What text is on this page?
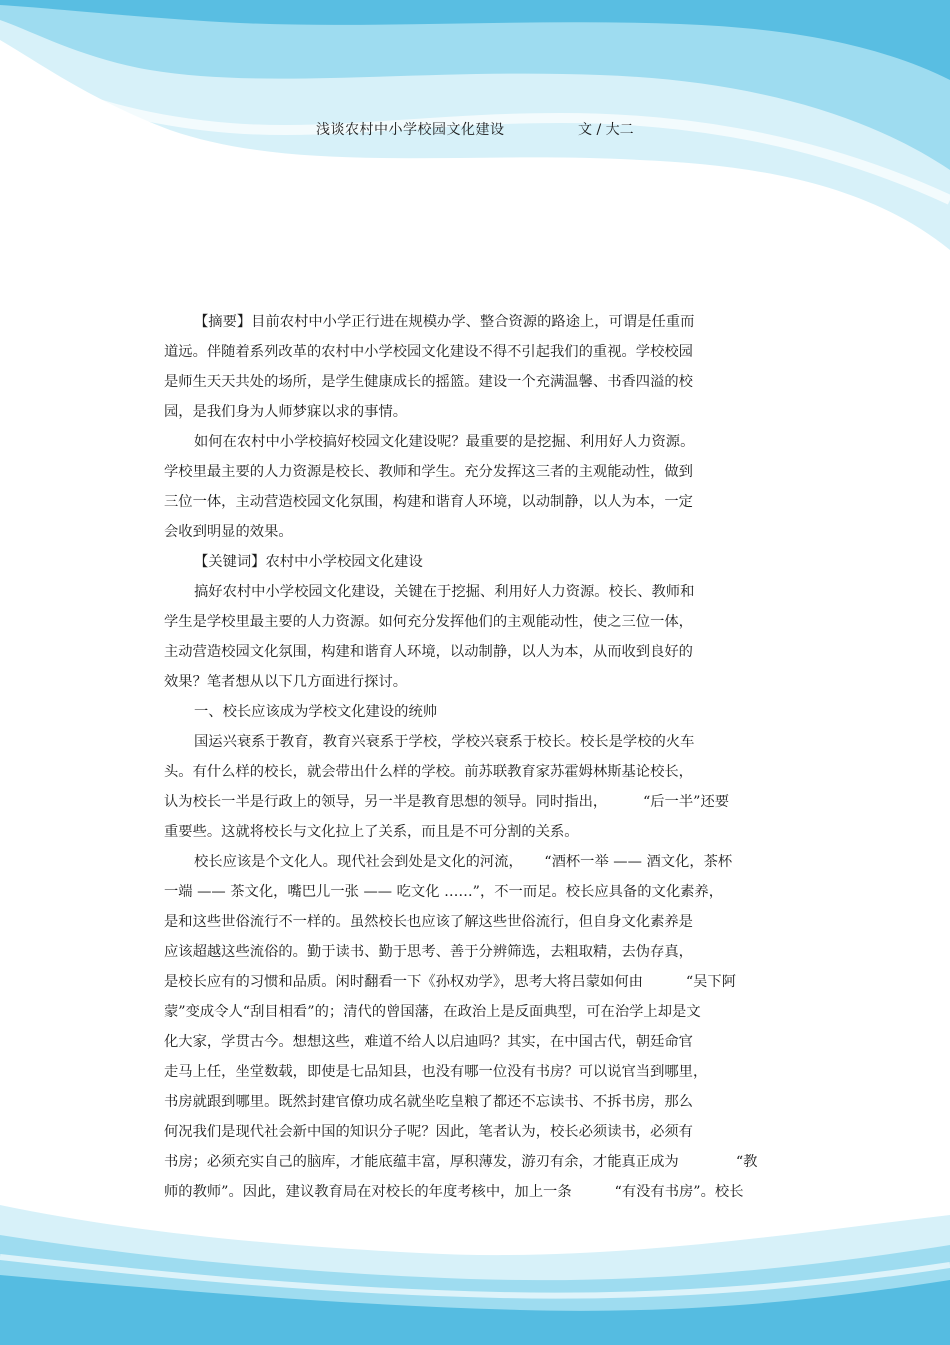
浅谈农村中小学校园文化建设	文 / 大二
【摘要】目前农村中小学正行进在规模办学、整合资源的路途上，可谓是任重而
道远。伴随着系列改革的农村中小学校园文化建设不得不引起我们的重视。学校校园
是师生天天共处的场所，是学生健康成长的摇篮。建设一个充满温馨、书香四溢的校
园，是我们身为人师梦寐以求的事情。
如何在农村中小学校搞好校园文化建设呢？最重要的是挖掘、利用好人力资源。
学校里最主要的人力资源是校长、教师和学生。充分发挥这三者的主观能动性，做到
三位一体，主动营造校园文化氛围，构建和谐育人环境，以动制静，以人为本，一定
会收到明显的效果。
【关键词】农村中小学校园文化建设
搞好农村中小学校园文化建设，关键在于挖掘、利用好人力资源。校长、教师和
学生是学校里最主要的人力资源。如何充分发挥他们的主观能动性，使之三位一体，
主动营造校园文化氛围，构建和谐育人环境，以动制静，以人为本，从而收到良好的
效果？笔者想从以下几方面进行探讨。
一、校长应该成为学校文化建设的统帅
国运兴衰系于教育，教育兴衰系于学校，学校兴衰系于校长。校长是学校的火车
头。有什么样的校长，就会带出什么样的学校。前苏联教育家苏霍姆林斯基论校长，
认为校长一半是行政上的领导，另一半是教育思想的领导。同时指出，　　　“后一半”还要
重要些。这就将校长与文化拉上了关系，而且是不可分割的关系。
校长应该是个文化人。现代社会到处是文化的河流，　　“酒杯一举 —— 酒文化，茶杯
一端 —— 茶文化，嘴巴儿一张 —— 吃文化 ……”，不一而足。校长应具备的文化素养，
是和这些世俗流行不一样的。虽然校长也应该了解这些世俗流行，但自身文化素养是
应该超越这些流俗的。勤于读书、勤于思考、善于分辨筛选，去粗取精，去伪存真，
是校长应有的习惯和品质。闲时翻看一下《孙权劝学》，思考大将吕蒙如何由　　　“吴下阿
蒙”变成令人“刮目相看”的；清代的曾国藩，在政治上是反面典型，可在治学上却是文
化大家，学贯古今。想想这些，难道不给人以启迪吗？其实，在中国古代，朝廷命官
走马上任，坐堂数载，即使是七品知县，也没有哪一位没有书房？可以说官当到哪里，
书房就跟到哪里。既然封建官僚功成名就坐吃皇粮了都还不忘读书、不拆书房，那么
何况我们是现代社会新中国的知识分子呢？因此，笔者认为，校长必须读书，必须有
书房；必须充实自己的脑库，才能底蕴丰富，厚积薄发，游刃有余，才能真正成为　　　　“教
师的教师”。因此，建议教育局在对校长的年度考核中，加上一条　　　“有没有书房”。校长
